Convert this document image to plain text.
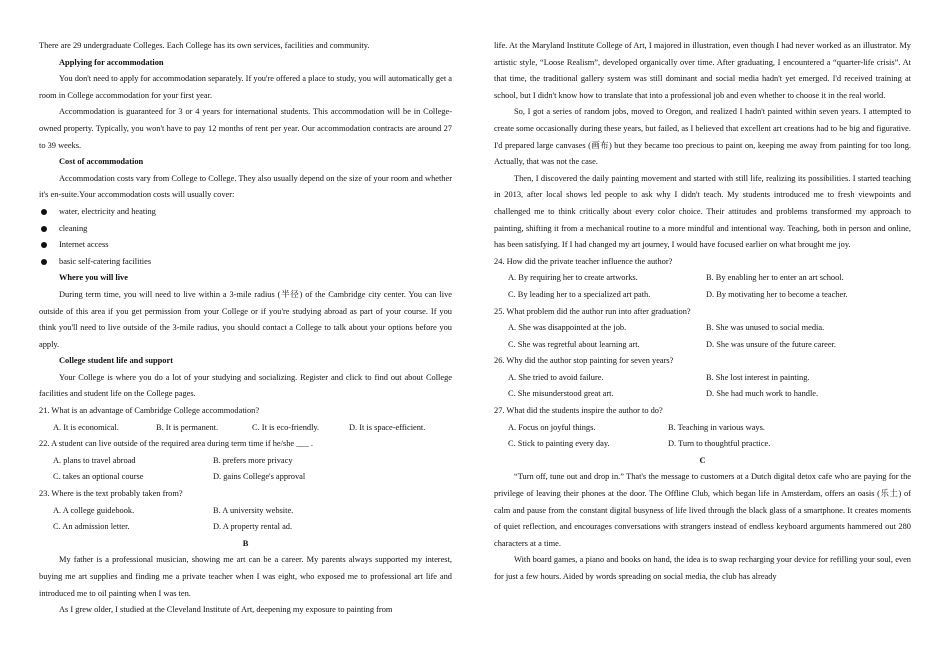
There are 29 undergraduate Colleges. Each College has its own services, facilities and community.

Applying for accommodation

You don't need to apply for accommodation separately. If you're offered a place to study, you will automatically get a room in College accommodation for your first year.

Accommodation is guaranteed for 3 or 4 years for international students. This accommodation will be in College-owned property. Typically, you won't have to pay 12 months of rent per year. Our accommodation contracts are around 27 to 39 weeks.

Cost of accommodation

Accommodation costs vary from College to College. They also usually depend on the size of your room and whether it's en-suite.Your accommodation costs will usually cover:

water, electricity and heating

cleaning

Internet access

basic self-catering facilities

Where you will live

During term time, you will need to live within a 3-mile radius (半径) of the Cambridge city center. You can live outside of this area if you get permission from your College or if you're studying abroad as part of your course. If you think you'll need to live outside of the 3-mile radius, you should contact a College to talk about your options before you apply.

College student life and support

Your College is where you do a lot of your studying and socializing. Register and click to find out about College facilities and student life on the College pages.

21. What is an advantage of Cambridge College accommodation?

A. It is economical.	B. It is permanent.	C. It is eco-friendly.	D. It is space-efficient.

22. A student can live outside of the required area during term time if he/she ___ .

A. plans to travel abroad	B. prefers more privacy
C. takes an optional course	D. gains College's approval

23. Where is the text probably taken from?

A. A college guidebook.	B. A university website.
C. An admission letter.	D. A property rental ad.

B

My father is a professional musician, showing me art can be a career. My parents always supported my interest, buying me art supplies and finding me a private teacher when I was eight, who exposed me to professional art life and introduced me to oil painting when I was ten.

As I grew older, I studied at the Cleveland Institute of Art, deepening my exposure to painting from

life. At the Maryland Institute College of Art, I majored in illustration, even though I had never worked as an illustrator. My artistic style, “Loose Realism”, developed organically over time. After graduating, I encountered a “quarter-life crisis”. At that time, the traditional gallery system was still dominant and social media hadn't yet emerged. I'd received training at school, but I didn't know how to translate that into a professional job and even whether to choose it in the real world.

So, I got a series of random jobs, moved to Oregon, and realized I hadn't painted within seven years. I attempted to create some occasionally during these years, but failed, as I believed that excellent art creations had to be big and figurative. I'd prepared large canvases (画布) but they became too precious to paint on, keeping me away from painting for too long. Actually, that was not the case.

Then, I discovered the daily painting movement and started with still life, realizing its possibilities. I started teaching in 2013, after local shows led people to ask why I didn't teach. My students introduced me to fresh viewpoints and challenged me to think critically about every color choice. Their attitudes and problems transformed my approach to painting, shifting it from a mechanical routine to a more mindful and intentional way. Teaching, both in person and online, has been satisfying. If I had changed my art journey, I would have focused earlier on what brought me joy.

24. How did the private teacher influence the author?

A. By requiring her to create artworks.	B. By enabling her to enter an art school.
C. By leading her to a specialized art path.	D. By motivating her to become a teacher.

25. What problem did the author run into after graduation?

A. She was disappointed at the job.	B. She was unused to social media.
C. She was regretful about learning art.	D. She was unsure of the future career.

26. Why did the author stop painting for seven years?

A. She tried to avoid failure.	B. She lost interest in painting.
C. She misunderstood great art.	D. She had much work to handle.

27. What did the students inspire the author to do?

A. Focus on joyful things.	B. Teaching in various ways.
C. Stick to painting every day.	D. Turn to thoughtful practice.

C

“Turn off, tune out and drop in.” That's the message to customers at a Dutch digital detox cafe who are paying for the privilege of leaving their phones at the door. The Offline Club, which began life in Amsterdam, offers an oasis (乐土) of calm and pause from the constant digital busyness of life lived through the black glass of a smartphone. It creates moments of quiet reflection, and encourages conversations with strangers instead of endless keyboard arguments hammered out 280 characters at a time.

With board games, a piano and books on hand, the idea is to swap recharging your device for refilling your soul, even for just a few hours. Aided by words spreading on social media, the club has already
